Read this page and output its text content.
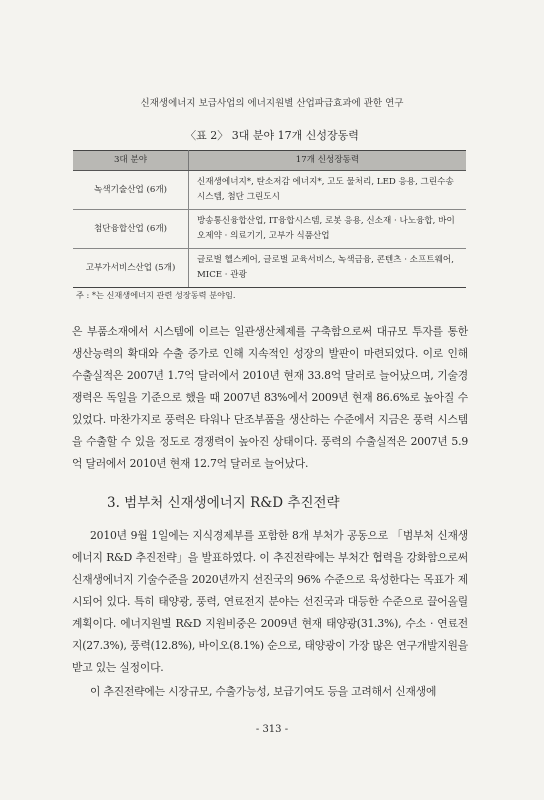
신재생에너지 보급사업의 에너지원별 산업파급효과에 관한 연구
〈표 2〉 3대 분야 17개 신성장동력
3대 분야	17개 신성장동력
녹색기술산업 (6개)	신재생에너지*, 탄소저감 에너지*, 고도 물처리, LED 응용, 그린수송시스템, 첨단 그린도시
첨단융합산업 (6개)	방송통신융합산업, IT융합시스템, 로봇 응용, 신소재 · 나노융합, 바이오제약 · 의료기기, 고부가 식품산업
고부가서비스산업 (5개)	글로벌 헬스케어, 글로벌 교육서비스, 녹색금융, 콘텐츠 · 소프트웨어, MICE · 관광
주 : *는 신재생에너지 관련 성장동력 분야임.

은 부품소재에서 시스템에 이르는 일관생산체제를 구축함으로써 대규모 투자를 통한 생산능력의 확대와 수출 증가로 인해 지속적인 성장의 발판이 마련되었다. 이로 인해 수출실적은 2007년 1.7억 달러에서 2010년 현재 33.8억 달러로 늘어났으며, 기술경쟁력은 독일을 기준으로 했을 때 2007년 83%에서 2009년 현재 86.6%로 높아질 수 있었다. 마찬가지로 풍력은 타워나 단조부품을 생산하는 수준에서 지금은 풍력 시스템을 수출할 수 있을 정도로 경쟁력이 높아진 상태이다. 풍력의 수출실적은 2007년 5.9억 달러에서 2010년 현재 12.7억 달러로 늘어났다.

3. 범부처 신재생에너지 R&D 추진전략

2010년 9월 1일에는 지식경제부를 포함한 8개 부처가 공동으로 「범부처 신재생에너지 R&D 추진전략」을 발표하였다. 이 추진전략에는 부처간 협력을 강화함으로써 신재생에너지 기술수준을 2020년까지 선진국의 96% 수준으로 육성한다는 목표가 제시되어 있다. 특히 태양광, 풍력, 연료전지 분야는 선진국과 대등한 수준으로 끌어올릴 계획이다. 에너지원별 R&D 지원비중은 2009년 현재 태양광(31.3%), 수소 · 연료전지(27.3%), 풍력(12.8%), 바이오(8.1%) 순으로, 태양광이 가장 많은 연구개발지원을 받고 있는 실정이다.

이 추진전략에는 시장규모, 수출가능성, 보급기여도 등을 고려해서 신재생에

- 313 -
